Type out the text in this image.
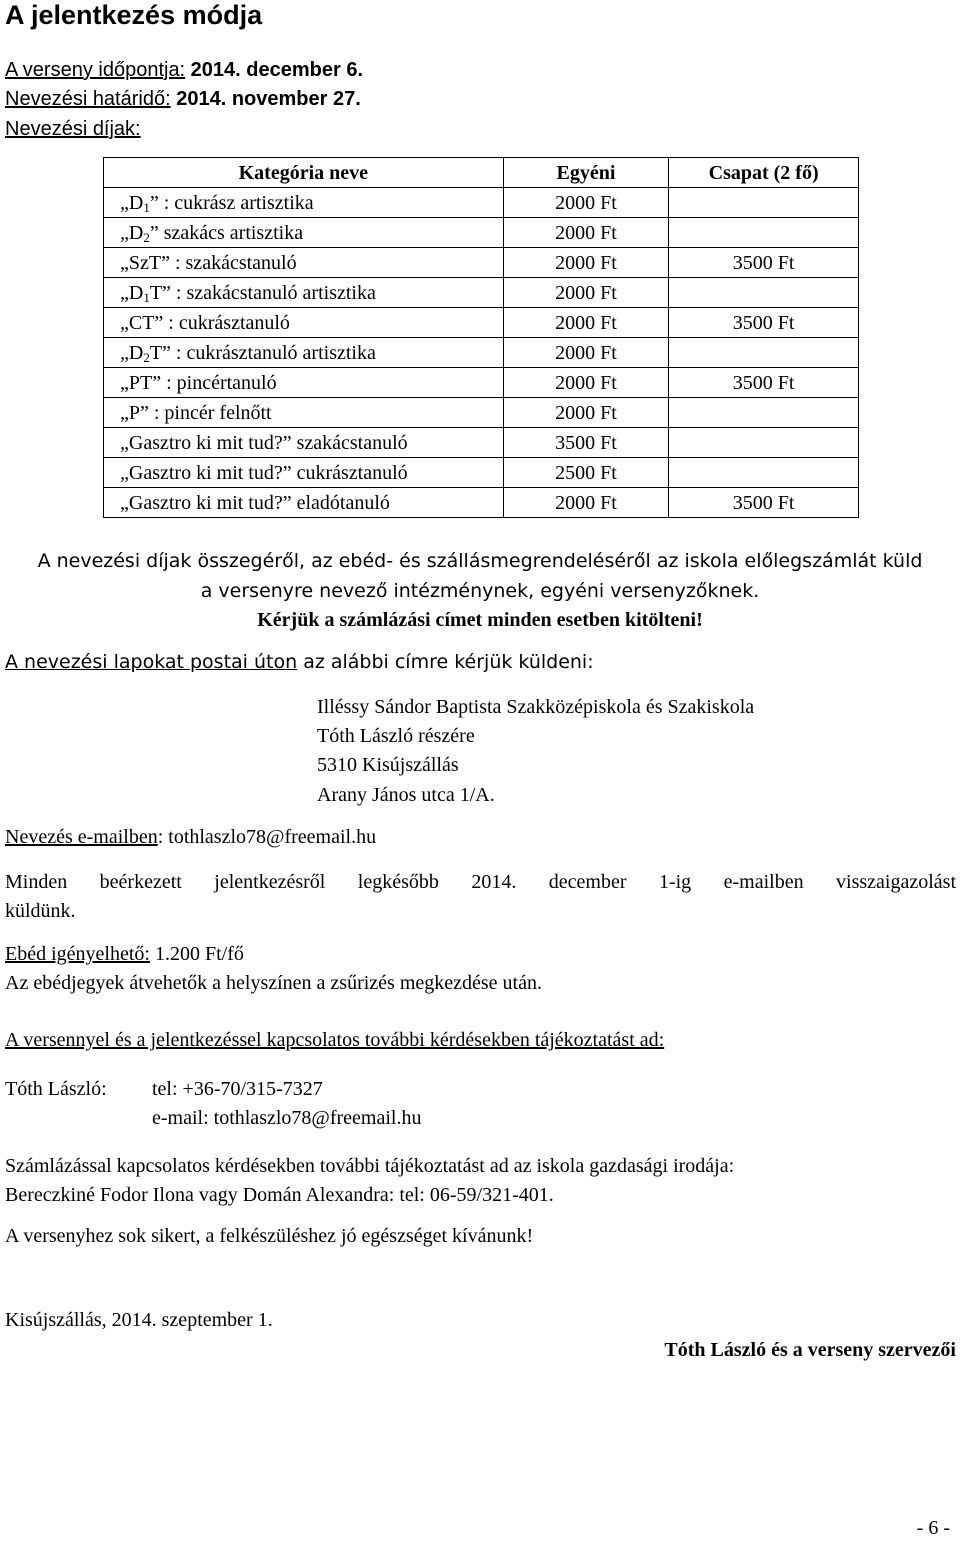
A jelentkezés módja
A verseny időpontja: 2014. december 6.
Nevezési határidő: 2014. november 27.
Nevezési díjak:
Kategória neve	Egyéni	Csapat (2 fő)
$„D_1$” : cukrász artisztika	2000 Ft	
$„D_2$” szakács artisztika	2000 Ft	
„SzT” : szakácstanuló	2000 Ft	3500 Ft
$„D_1T$” : szakácstanuló artisztika	2000 Ft	
„CT” : cukrásztanuló	2000 Ft	3500 Ft
$„D_2T$” : cukrásztanuló artisztika	2000 Ft	
„PT” : pincértanuló	2000 Ft	3500 Ft
„P” : pincér felnőtt	2000 Ft	
„Gasztro ki mit tud?” szakácstanuló	3500 Ft	
„Gasztro ki mit tud?” cukrásztanuló	2500 Ft	
„Gasztro ki mit tud?” eladótanuló	2000 Ft	3500 Ft
A nevezési díjak összegéről, az ebéd- és szállásmegrendeléséről az iskola előlegszámlát küld
a versenyre nevező intézménynek, egyéni versenyzőknek.
Kérjük a számlázási címet minden esetben kitölteni!
A nevezési lapokat postai úton az alábbi címre kérjük küldeni:
Illéssy Sándor Baptista Szakközépiskola és Szakiskola
Tóth László részére
5310 Kisújszállás
Arany János utca 1/A.
Nevezés e-mailben: tothlaszlo78@freemail.hu
Minden beérkezett jelentkezésről legkésőbb 2014. december 1-ig e-mailben visszaigazolást
küldünk.
Ebéd igényelhető: 1.200 Ft/fő
Az ebédjegyek átvehetők a helyszínen a zsűrizés megkezdése után.
A versennyel és a jelentkezéssel kapcsolatos további kérdésekben tájékoztatást ad:
Tóth László: tel: +36-70/315-7327
e-mail: tothlaszlo78@freemail.hu
Számlázással kapcsolatos kérdésekben további tájékoztatást ad az iskola gazdasági irodája:
Bereczkiné Fodor Ilona vagy Domán Alexandra: tel: 06-59/321-401.
A versenyhez sok sikert, a felkészüléshez jó egészséget kívánunk!
Kisújszállás, 2014. szeptember 1.
Tóth László és a verseny szervezői
- 6 -
